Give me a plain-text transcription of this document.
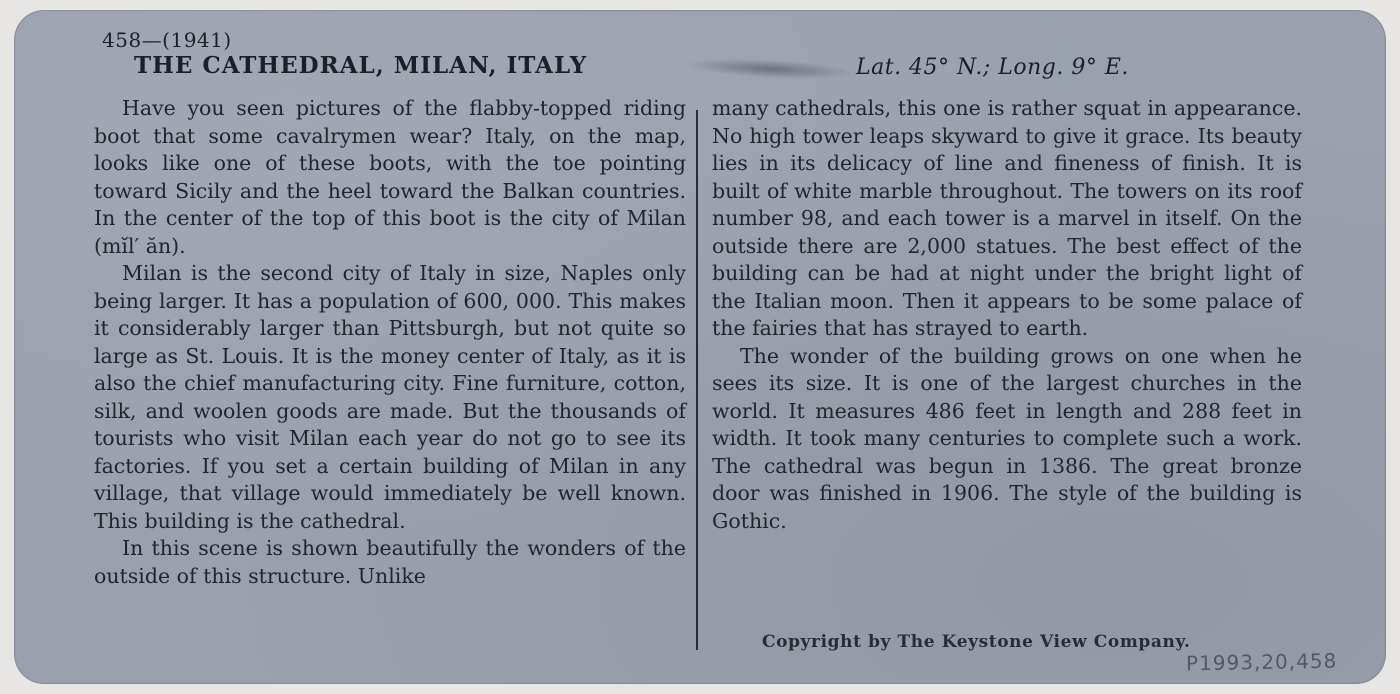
458—(1941)
THE CATHEDRAL, MILAN, ITALY	Lat. 45° N.; Long. 9° E.

Have you seen pictures of the flabby-topped riding boot that some cavalrymen wear? Italy, on the map, looks like one of these boots, with the toe pointing toward Sicily and the heel toward the Balkan countries. In the center of the top of this boot is the city of Milan (mĭl′ ăn).

Milan is the second city of Italy in size, Naples only being larger. It has a population of 600, 000. This makes it considerably larger than Pittsburgh, but not quite so large as St. Louis. It is the money center of Italy, as it is also the chief manufacturing city. Fine furniture, cotton, silk, and woolen goods are made. But the thousands of tourists who visit Milan each year do not go to see its factories. If you set a certain building of Milan in any village, that village would immediately be well known. This building is the cathedral.

In this scene is shown beautifully the wonders of the outside of this structure. Unlike

many cathedrals, this one is rather squat in appearance. No high tower leaps skyward to give it grace. Its beauty lies in its delicacy of line and fineness of finish. It is built of white marble throughout. The towers on its roof number 98, and each tower is a marvel in itself. On the outside there are 2,000 statues. The best effect of the building can be had at night under the bright light of the Italian moon. Then it appears to be some palace of the fairies that has strayed to earth.

The wonder of the building grows on one when he sees its size. It is one of the largest churches in the world. It measures 486 feet in length and 288 feet in width. It took many centuries to complete such a work. The cathedral was begun in 1386. The great bronze door was finished in 1906. The style of the building is Gothic.

Copyright by The Keystone View Company.
P1993,20,458
